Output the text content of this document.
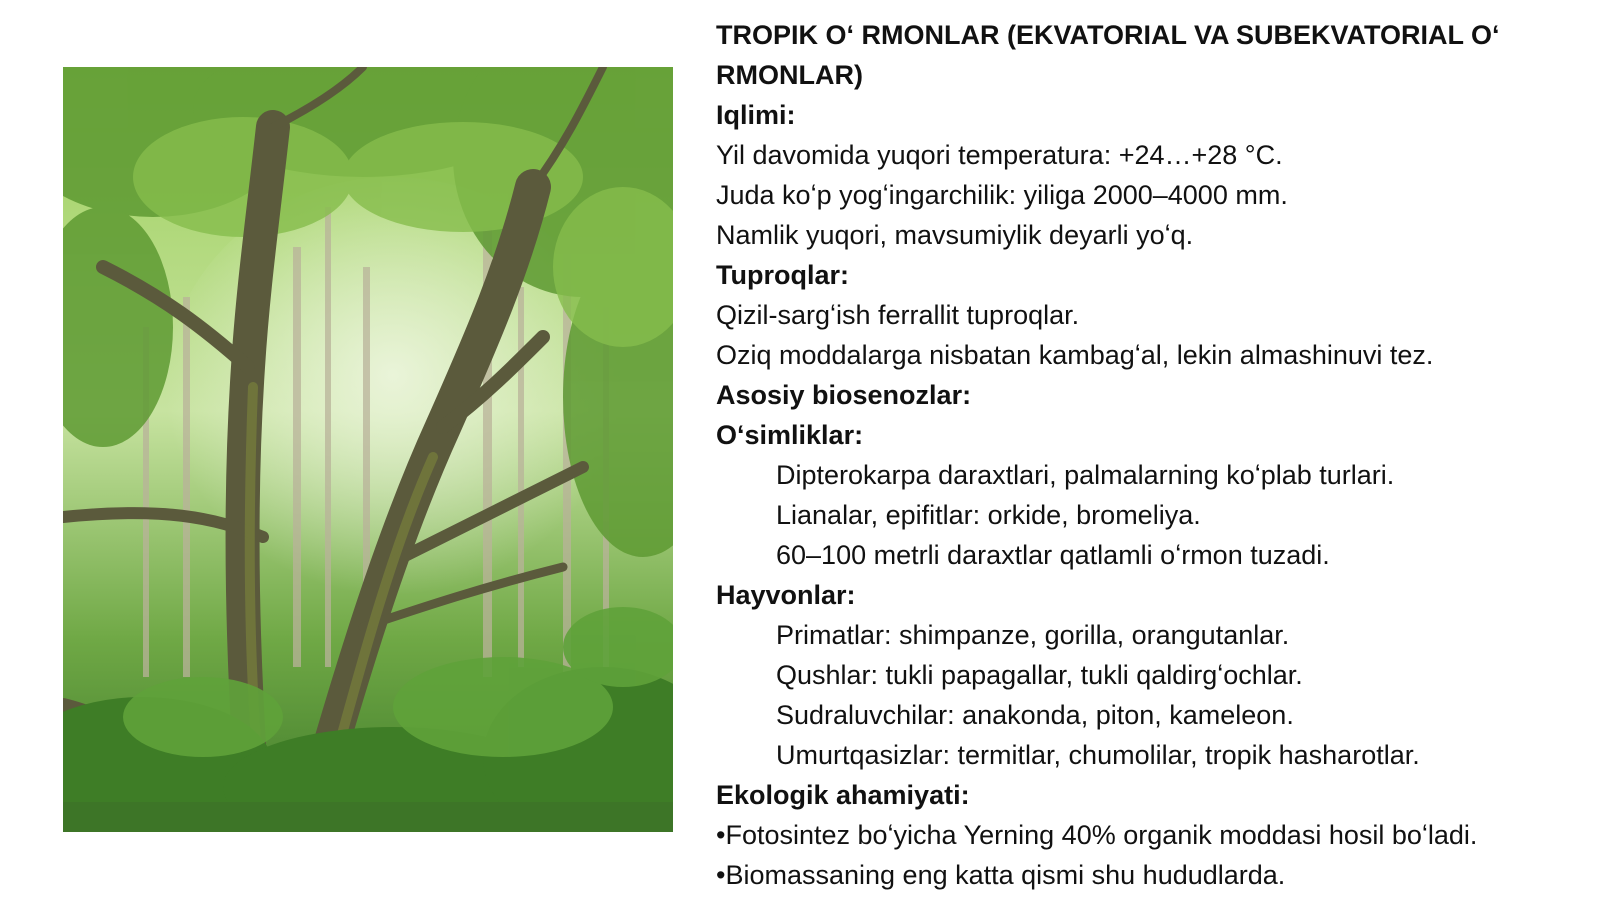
TROPIK Oʻ RMONLAR (EKVATORIAL VA SUBEKVATORIAL Oʻ RMONLAR)
Iqlimi:
Yil davomida yuqori temperatura: +24…+28 °C.
Juda koʻp yogʻingarchilik: yiliga 2000–4000 mm.
Namlik yuqori, mavsumiylik deyarli yoʻq.
Tuproqlar:
Qizil-sargʻish ferrallit tuproqlar.
Oziq moddalarga nisbatan kambagʻal, lekin almashinuvi tez.
Asosiy biosenozlar:
Oʻsimliklar:
Dipterokarpa daraxtlari, palmalarning koʻplab turlari.
Lianalar, epifitlar: orkide, bromeliya.
60–100 metrli daraxtlar qatlamli oʻrmon tuzadi.
Hayvonlar:
Primatlar: shimpanze, gorilla, orangutanlar.
Qushlar: tukli papagallar, tukli qaldirgʻochlar.
Sudraluvchilar: anakonda, piton, kameleon.
Umurtqasizlar: termitlar, chumolilar, tropik hasharotlar.
Ekologik ahamiyati:
•Fotosintez boʻyicha Yerning 40% organik moddasi hosil boʻladi.
•Biomassaning eng katta qismi shu hududlarda.
